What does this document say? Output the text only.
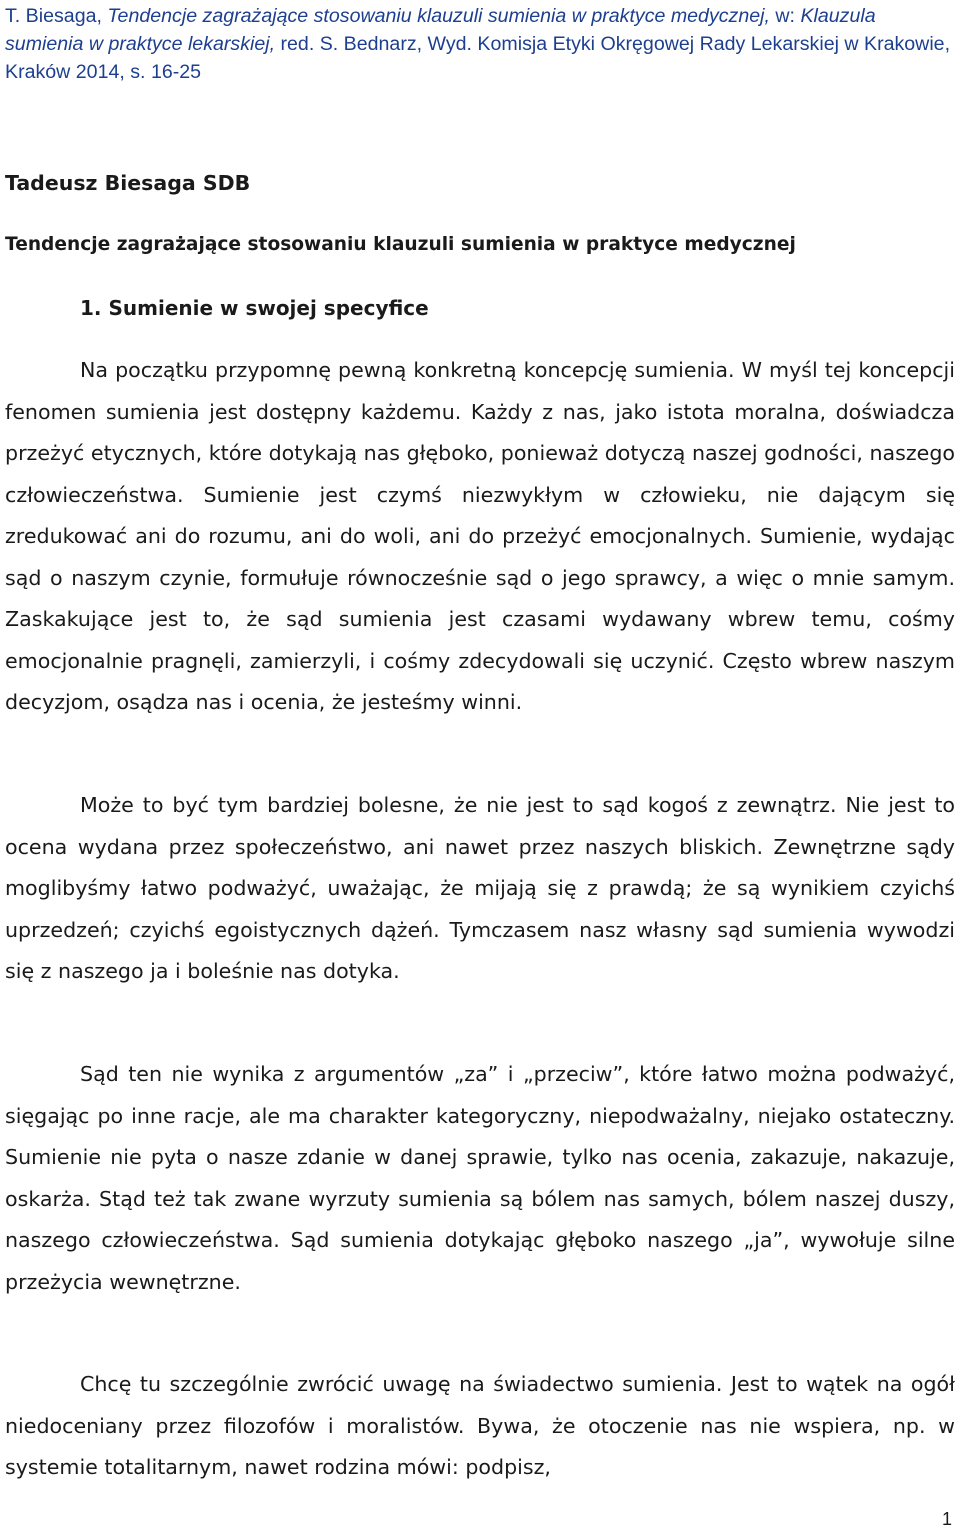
T. Biesaga, Tendencje zagrażające stosowaniu klauzuli sumienia w praktyce medycznej, w: Klauzula sumienia w praktyce lekarskiej, red. S. Bednarz, Wyd. Komisja Etyki Okręgowej Rady Lekarskiej w Krakowie, Kraków 2014, s. 16-25

Tadeusz Biesaga SDB
Tendencje zagrażające stosowaniu klauzuli sumienia w praktyce medycznej
1. Sumienie w swojej specyfice

Na początku przypomnę pewną konkretną koncepcję sumienia. W myśl tej koncepcji fenomen sumienia jest dostępny każdemu. Każdy z nas, jako istota moralna, doświadcza przeżyć etycznych, które dotykają nas głęboko, ponieważ dotyczą naszej godności, naszego człowieczeństwa. Sumienie jest czymś niezwykłym w człowieku, nie dającym się zredukować ani do rozumu, ani do woli, ani do przeżyć emocjonalnych. Sumienie, wydając sąd o naszym czynie, formułuje równocześnie sąd o jego sprawcy, a więc o mnie samym. Zaskakujące jest to, że sąd sumienia jest czasami wydawany wbrew temu, cośmy emocjonalnie pragnęli, zamierzyli, i cośmy zdecydowali się uczynić. Często wbrew naszym decyzjom, osądza nas i ocenia, że jesteśmy winni.

Może to być tym bardziej bolesne, że nie jest to sąd kogoś z zewnątrz. Nie jest to ocena wydana przez społeczeństwo, ani nawet przez naszych bliskich. Zewnętrzne sądy moglibyśmy łatwo podważyć, uważając, że mijają się z prawdą; że są wynikiem czyichś uprzedzeń; czyichś egoistycznych dążeń. Tymczasem nasz własny sąd sumienia wywodzi się z naszego ja i boleśnie nas dotyka.

Sąd ten nie wynika z argumentów „za” i „przeciw”, które łatwo można podważyć, sięgając po inne racje, ale ma charakter kategoryczny, niepodważalny, niejako ostateczny. Sumienie nie pyta o nasze zdanie w danej sprawie, tylko nas ocenia, zakazuje, nakazuje, oskarża. Stąd też tak zwane wyrzuty sumienia są bólem nas samych, bólem naszej duszy, naszego człowieczeństwa. Sąd sumienia dotykając głęboko naszego „ja”, wywołuje silne przeżycia wewnętrzne.

Chcę tu szczególnie zwrócić uwagę na świadectwo sumienia. Jest to wątek na ogół niedoceniany przez filozofów i moralistów. Bywa, że otoczenie nas nie wspiera, np. w systemie totalitarnym, nawet rodzina mówi: podpisz,

1
